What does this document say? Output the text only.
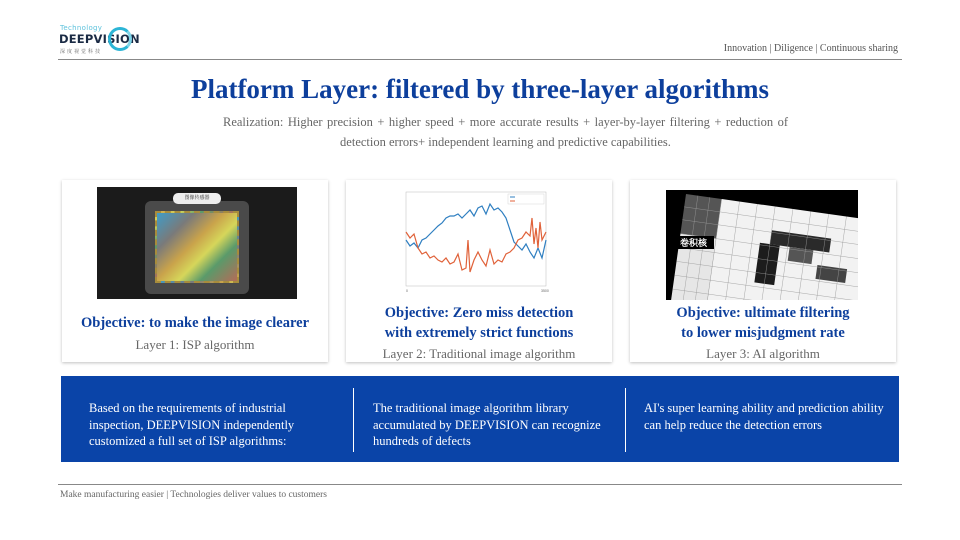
Technology
DEEPVISION
深度视觉科技	Innovation | Diligence | Continuous sharing
Platform Layer: filtered by three-layer algorithms
Realization: Higher precision + higher speed + more accurate results + layer-by-layer filtering + reduction of detection errors+ independent learning and predictive capabilities.
图像传感器
Objective: to make the image clearer
Layer 1: ISP algorithm
0	3500
Objective: Zero miss detection
with extremely strict functions
Layer 2: Traditional image algorithm
卷积核
Objective: ultimate filtering
to lower misjudgment rate
Layer 3: AI algorithm
Based on the requirements of industrial inspection, DEEPVISION independently customized a full set of ISP algorithms:
The traditional image algorithm library accumulated by DEEPVISION can recognize hundreds of defects
AI's super learning ability and prediction ability can help reduce the detection errors
Make manufacturing easier | Technologies deliver values to customers
